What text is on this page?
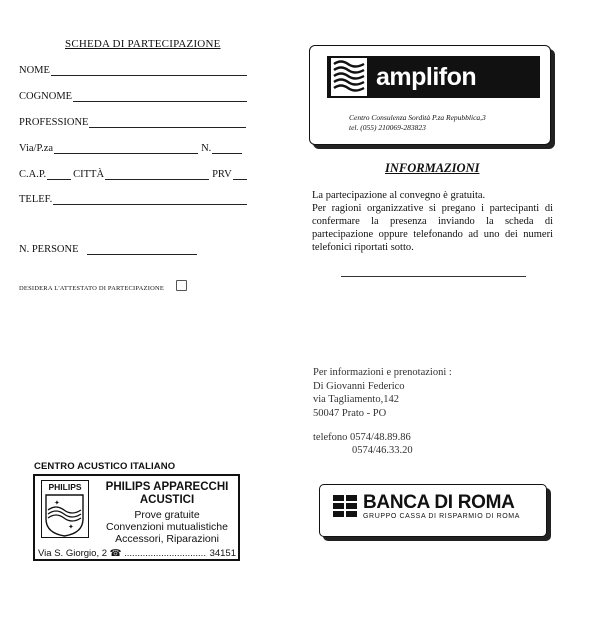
SCHEDA DI PARTECIPAZIONE
NOME
COGNOME
PROFESSIONE
Via/P.za	N.
C.A.P.	CITTÀ	PRV
TELEF.
N. PERSONE
DESIDERA L'ATTESTATO DI PARTECIPAZIONE
CENTRO ACUSTICO ITALIANO
PHILIPS
✦
✦
PHILIPS APPARECCHI
ACUSTICI
Prove gratuite
Convenzioni mutualistiche
Accessori, Riparazioni
Via S. Giorgio, 2 ☎ ............................... 34151
amplifon
Centro Consulenza Sordità P.za Repubblica,3
tel. (055) 210069-283823
INFORMAZIONI

La partecipazione al convegno è gratuita.

Per ragioni organizzative si pregano i partecipanti di confermare la presenza inviando la scheda di partecipazione oppure telefonando ad uno dei numeri telefonici riportati sotto.

Per informazioni e prenotazioni :
Di Giovanni Federico
via Tagliamento,142
50047 Prato - PO
telefono 0574/48.89.86
0574/46.33.20
BANCA DI ROMA
GRUPPO CASSA DI RISPARMIO DI ROMA
